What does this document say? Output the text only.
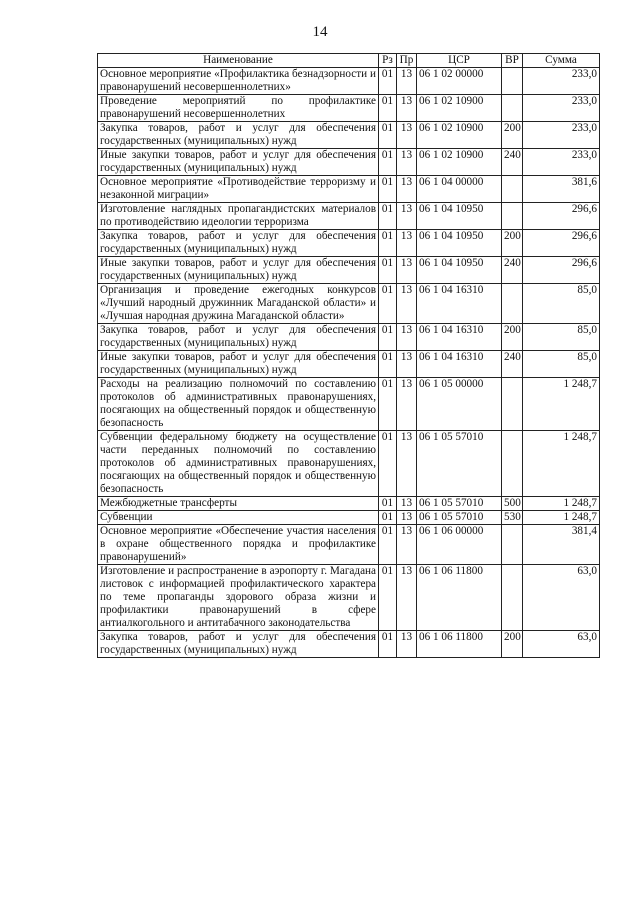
14
Наименование	Рз	Пр	ЦСР	ВР	Сумма
Основное мероприятие «Профилактика безнадзорности и правонарушений несовершеннолетних»	01	13	06 1 02 00000		233,0
Проведение мероприятий по профилактике правонарушений несовершеннолетних	01	13	06 1 02 10900		233,0
Закупка товаров, работ и услуг для обеспечения государственных (муниципальных) нужд	01	13	06 1 02 10900	200	233,0
Иные закупки товаров, работ и услуг для обеспечения государственных (муниципальных) нужд	01	13	06 1 02 10900	240	233,0
Основное мероприятие «Противодействие терроризму и незаконной миграции»	01	13	06 1 04 00000		381,6
Изготовление наглядных пропагандистских материалов по противодействию идеологии терроризма	01	13	06 1 04 10950		296,6
Закупка товаров, работ и услуг для обеспечения государственных (муниципальных) нужд	01	13	06 1 04 10950	200	296,6
Иные закупки товаров, работ и услуг для обеспечения государственных (муниципальных) нужд	01	13	06 1 04 10950	240	296,6
Организация и проведение ежегодных конкурсов «Лучший народный дружинник Магаданской области» и «Лучшая народная дружина Магаданской области»	01	13	06 1 04 16310		85,0
Закупка товаров, работ и услуг для обеспечения государственных (муниципальных) нужд	01	13	06 1 04 16310	200	85,0
Иные закупки товаров, работ и услуг для обеспечения государственных (муниципальных) нужд	01	13	06 1 04 16310	240	85,0
Расходы на реализацию полномочий по составлению протоколов об административных правонарушениях, посягающих на общественный порядок и общественную безопасность	01	13	06 1 05 00000		1 248,7
Субвенции федеральному бюджету на осуществление части переданных полномочий по составлению протоколов об административных правонарушениях, посягающих на общественный порядок и общественную безопасность	01	13	06 1 05 57010		1 248,7
Межбюджетные трансферты	01	13	06 1 05 57010	500	1 248,7
Субвенции	01	13	06 1 05 57010	530	1 248,7
Основное мероприятие «Обеспечение участия населения в охране общественного порядка и профилактике правонарушений»	01	13	06 1 06 00000		381,4
Изготовление и распространение в аэропорту г. Магадана листовок с информацией профилактического характера по теме пропаганды здорового образа жизни и профилактики правонарушений в сфере антиалкогольного и антитабачного законодательства	01	13	06 1 06 11800		63,0
Закупка товаров, работ и услуг для обеспечения государственных (муниципальных) нужд	01	13	06 1 06 11800	200	63,0
